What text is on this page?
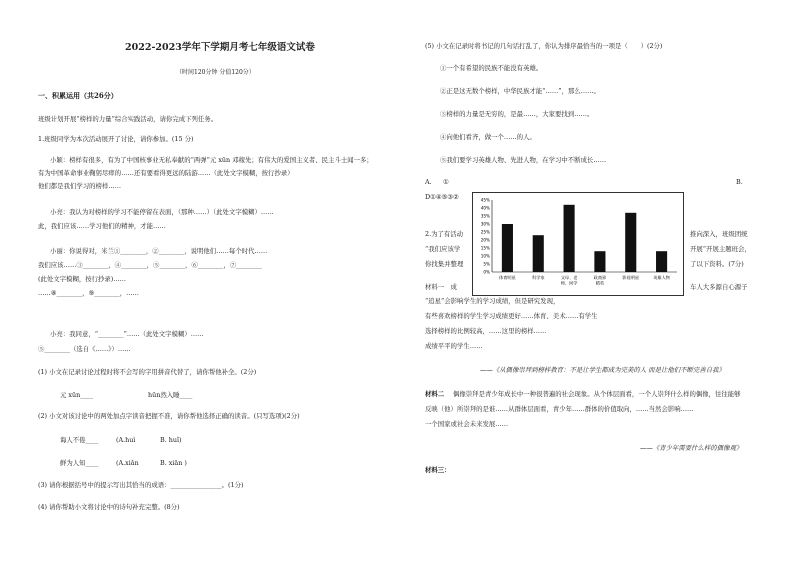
2022-2023学年下学期月考七年级语文试卷
（时间120分钟 分值120分）
一、积累运用（共26分）
班级计划开展“榜样的力量”综合实践活动，请你完成下列任务。
1.班级同学为本次活动展开了讨论，请你参加。(15 分)
小颖：榜样有很多，有为了中国核事业无私奉献的“两弹”元 xūn 邓稼先；有伟大的爱国主义者、民主斗士闻一多；
有为中国革命事业鞠躬尽瘁的……还有要看得更远的陆游……（此处文字模糊，按行抄录）
他们都是我们学习的榜样……
小亮：我认为对榜样的学习不能停留在表面，（那种……）（此处文字模糊）……
此，我们应该……学习他们的精神，才能……
小丽：你说得对，米兰①________，②________，说明他们……每个时代……
我们应该……③________，④________，⑤________，⑥________，⑦________
(此处文字模糊，按行抄录)……
……⑧________，⑨________，……
小亮：我同意，“________”……（此处文字模糊）……
⑤________（选自《……》）……
(1) 小文在记录讨论过程时将不会写的字用拼音代替了，请你帮他补全。(2分)
元 xūn____	hūn然入睡____
(2) 小文对该讨论中的两处加点字读音把握不准，请你帮他选择正确的读音。(只写选项)(2分)
诲人不倦____	(A.huì	B. huǐ)
鲜为人知____	(A.xiǎn	B. xiān )
(3) 请你根据括号中的提示写出其恰当的成语：________________。(1分)
(4) 请你帮助小文将讨论中的诗句补充完整。(8分)
(5) 小文在记录时将书记的几句话打乱了，你认为排序最恰当的一项是（　　）(2分)
①一个有希望的民族不能没有英雄。
②正是这无数个榜样，中华民族才能“……”，那么……。
③榜样的力量是无穷的，是最……，大家要找到……。
④向他们看齐，做一个……的人。
⑤我们要学习英雄人物、先进人物，在学习中不断成长……
A. ①	B.
D①④⑤③②
2.为了有活动
“我们应该学
你找集并整理
材料一　成
推向深入，班级团统
开展“开展主题班会，
了以下资料。(7分)
车人大多源自心源子
0%
5%
10%
15%
20%
25%
30%
35%
40%
45%
体育明星	科学家	父母、老师、同学
政商界精英
影视明星	英雄人物
“追星”会影响学生的学习成绩，但是研究发现，
有些喜欢榜样的学生学习成绩更好……体育、美术……有学生
选择榜样的比例较高，……这里的榜样……
成绩平平的学生……
——《从偶像崇拜到榜样教育：不是让学生都成为完美的人 而是让他们不断完善自我》
材料二 偶像崇拜是青少年成长中一种很普遍的社会现象。从个体层面看，一个人崇拜什么样的偶像，往往能够
反映（他）所崇拜的是谁……从群体层面看，青少年……群体的价值取向，……当然会影响……
一个国家或社会未来发展……
——《青少年需要什么样的偶像观》
材料三：
